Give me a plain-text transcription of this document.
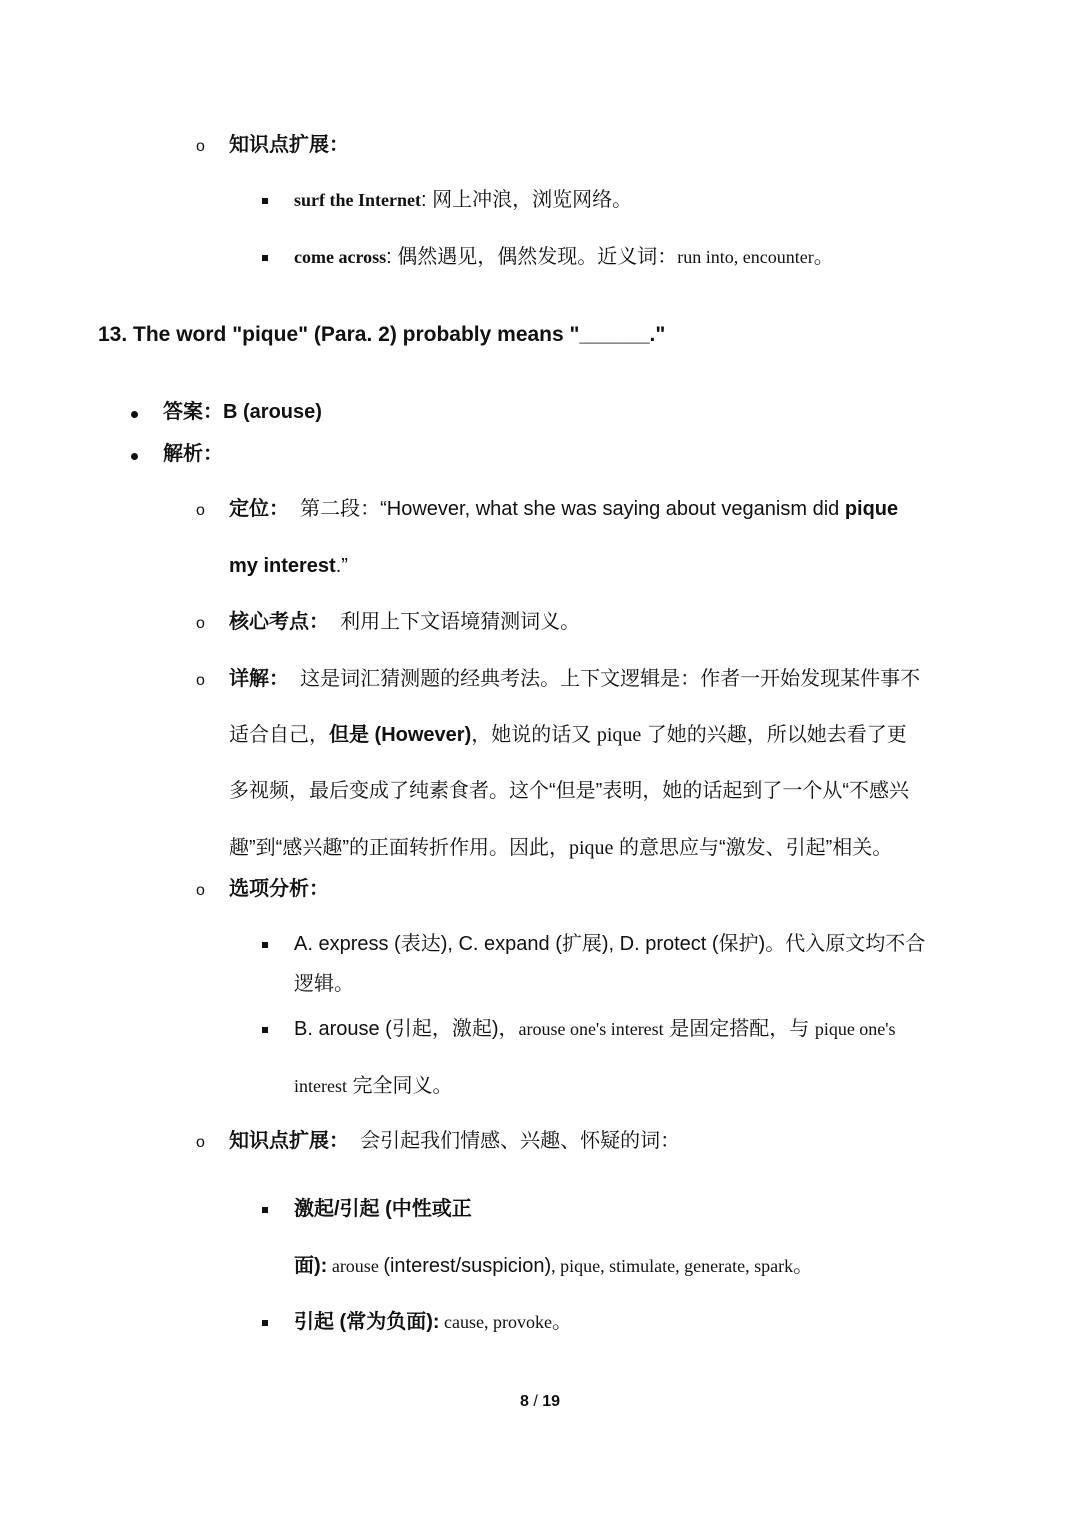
o 知识点扩展：
surf the Internet: 网上冲浪，浏览网络。
come across: 偶然遇见，偶然发现。近义词：run into, encounter。
13. The word "pique" (Para. 2) probably means "______."
答案：B (arouse)
解析：
o 定位： 第二段：“However, what she was saying about veganism did pique
my interest.”
o 核心考点： 利用上下文语境猜测词义。
o 详解： 这是词汇猜测题的经典考法。上下文逻辑是：作者一开始发现某件事不
适合自己，但是 (However)，她说的话又 pique 了她的兴趣，所以她去看了更
多视频，最后变成了纯素食者。这个“但是”表明，她的话起到了一个从“不感兴
趣”到“感兴趣”的正面转折作用。因此，pique 的意思应与“激发、引起”相关。
o 选项分析：
A. express (表达), C. expand (扩展), D. protect (保护)。代入原文均不合
逻辑。
B. arouse (引起，激起)，arouse one's interest 是固定搭配，与 pique one's
interest 完全同义。
o 知识点扩展： 会引起我们情感、兴趣、怀疑的词：
激起/引起 (中性或正
面): arouse (interest/suspicion), pique, stimulate, generate, spark。
引起 (常为负面): cause, provoke。
8 / 19
